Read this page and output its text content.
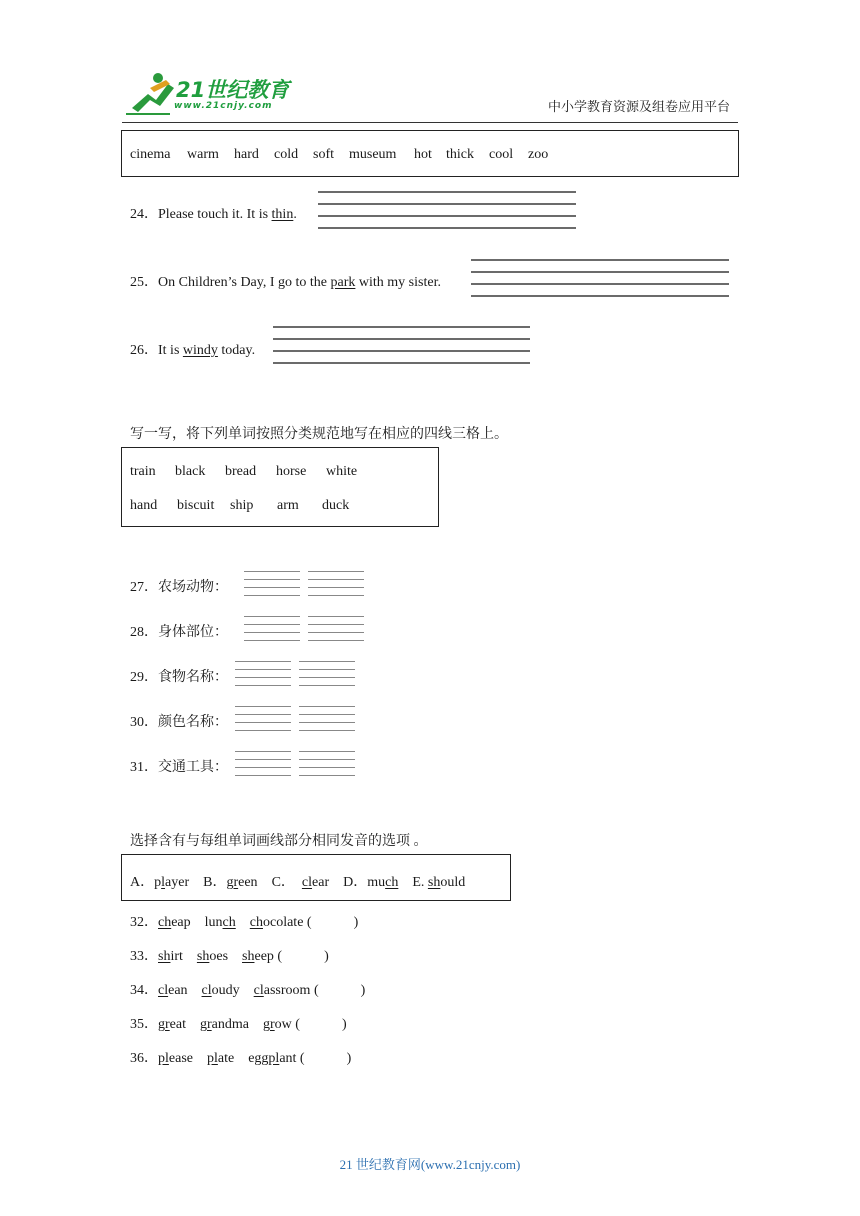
21世纪教育
www.21cnjy.com	中小学教育资源及组卷应用平台
cinema warm hard cold soft museum hot thick cool zoo
24．Please touch it. It is thin.
25．On Children’s Day, I go to the park with my sister.
26．It is windy today.
写一写，将下列单词按照分类规范地写在相应的四线三格上。
train black bread horse white
hand biscuit ship arm duck
27．农场动物：
28．身体部位：
29．食物名称：
30．颜色名称：
31．交通工具：
选择含有与每组单词画线部分相同发音的选项 。
A．player B．green C． clear D．much E. should
32．cheap lunch chocolate (            )
33．shirt shoes sheep (            )
34．clean cloudy classroom (            )
35．great grandma grow (            )
36．please plate eggplant (            )
21 世纪教育网(www.21cnjy.com)
